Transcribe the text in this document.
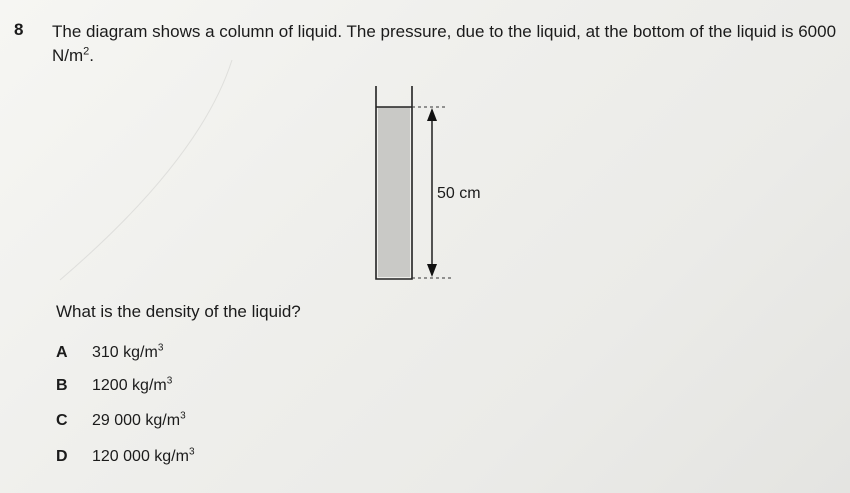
8 The diagram shows a column of liquid. The pressure, due to the liquid, at the bottom of the liquid is 6000 $N/m^2$.
50 cm
What is the density of the liquid?
A 310 $kg/m^3$
B 1200 $kg/m^3$
C 29 000 $kg/m^3$
D 120 000 $kg/m^3$
